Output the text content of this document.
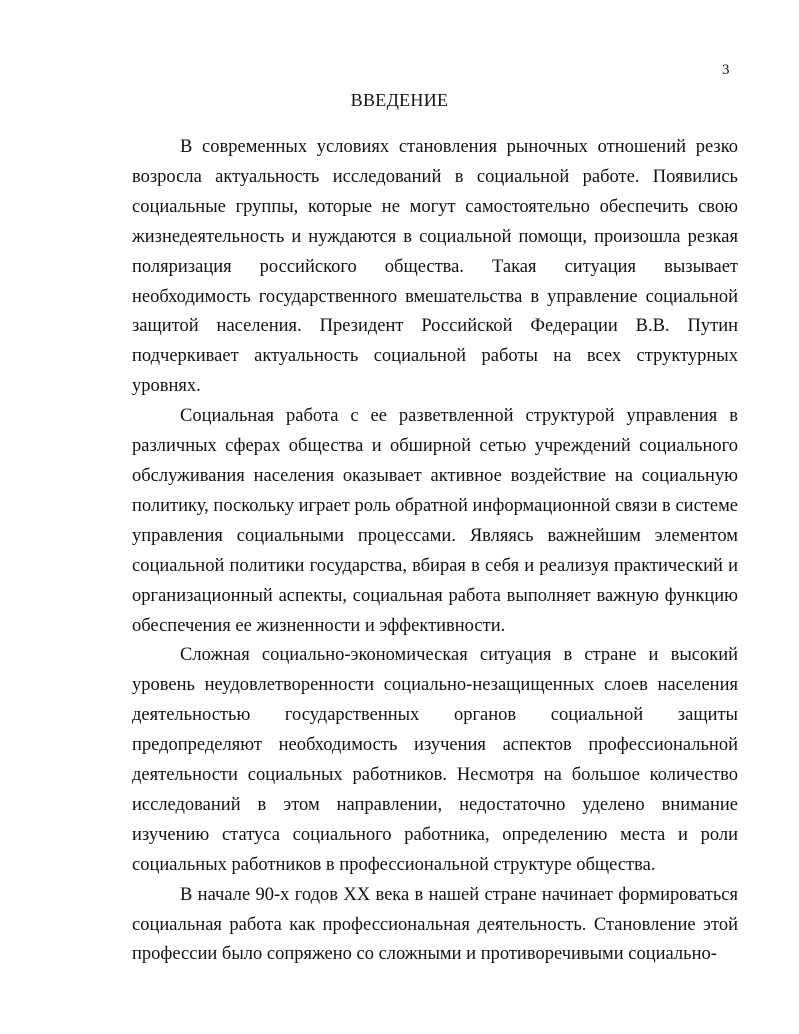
3
ВВЕДЕНИЕ

В современных условиях становления рыночных отношений резко возросла актуальность исследований в социальной работе. Появились социальные группы, которые не могут самостоятельно обеспечить свою жизнедеятельность и нуждаются в социальной помощи, произошла резкая поляризация российского общества. Такая ситуация вызывает необходимость государственного вмешательства в управление социальной защитой населения. Президент Российской Федерации В.В. Путин подчеркивает актуальность социальной работы на всех структурных уровнях.

Социальная работа с ее разветвленной структурой управления в различных сферах общества и обширной сетью учреждений социального обслуживания населения оказывает активное воздействие на социальную политику, поскольку играет роль обратной информационной связи в системе управления социальными процессами. Являясь важнейшим элементом социальной политики государства, вбирая в себя и реализуя практический и организационный аспекты, социальная работа выполняет важную функцию обеспечения ее жизненности и эффективности.

Сложная социально-экономическая ситуация в стране и высокий уровень неудовлетворенности социально-незащищенных слоев населения деятельностью государственных органов социальной защиты предопределяют необходимость изучения аспектов профессиональной деятельности социальных работников. Несмотря на большое количество исследований в этом направлении, недостаточно уделено внимание изучению статуса социального работника, определению места и роли социальных работников в профессиональной структуре общества.

В начале 90-х годов XX века в нашей стране начинает формироваться социальная работа как профессиональная деятельность. Становление этой профессии было сопряжено со сложными и противоречивыми социально-
